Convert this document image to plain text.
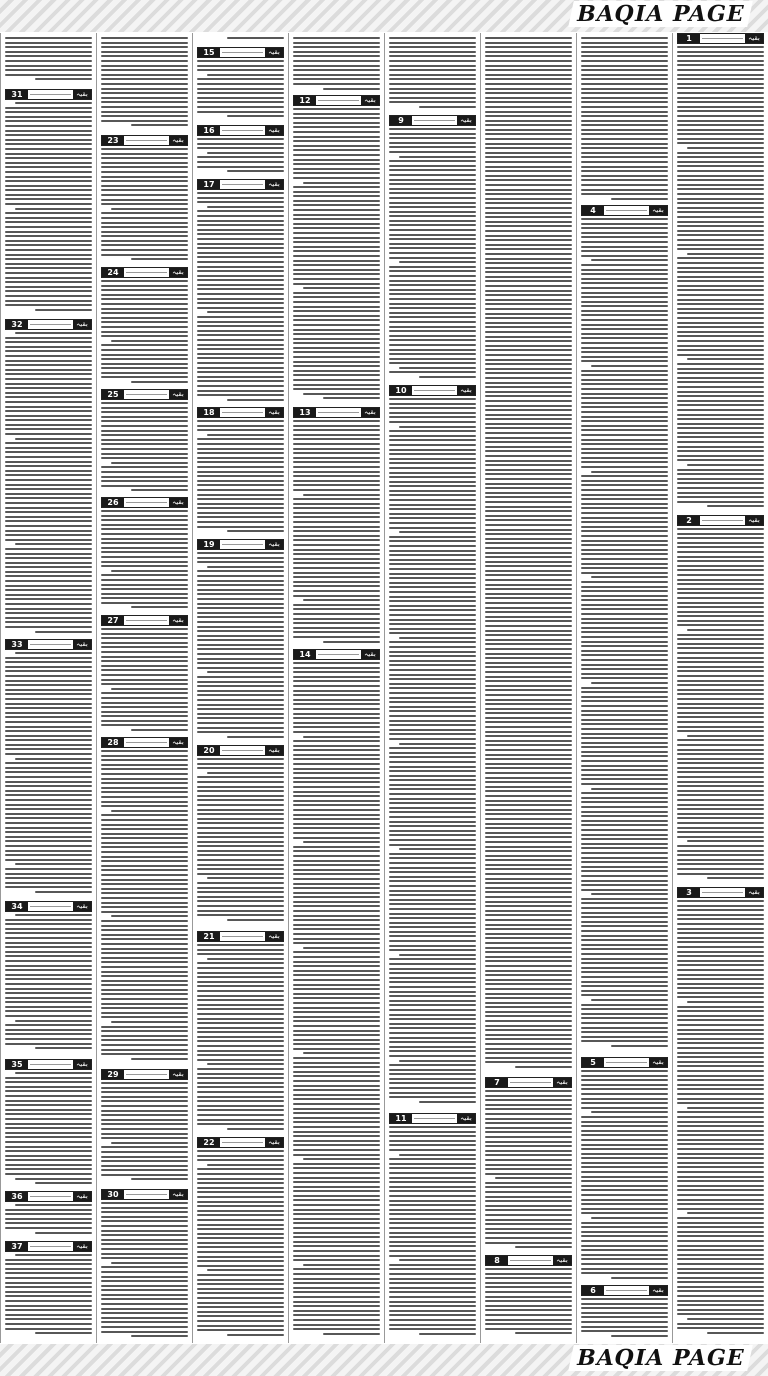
BAQIA PAGE
31	بقیہ
32	بقیہ
33	بقیہ
34	بقیہ
35	بقیہ
36	بقیہ
37	بقیہ
23	بقیہ
24	بقیہ
25	بقیہ
26	بقیہ
27	بقیہ
28	بقیہ
29	بقیہ
30	بقیہ
15	بقیہ
16	بقیہ
17	بقیہ
18	بقیہ
19	بقیہ
20	بقیہ
21	بقیہ
22	بقیہ
12	بقیہ
13	بقیہ
14	بقیہ
9	بقیہ
10	بقیہ
11	بقیہ
7	بقیہ
8	بقیہ
4	بقیہ
5	بقیہ
6	بقیہ
1	بقیہ
2	بقیہ
3	بقیہ
BAQIA PAGE
